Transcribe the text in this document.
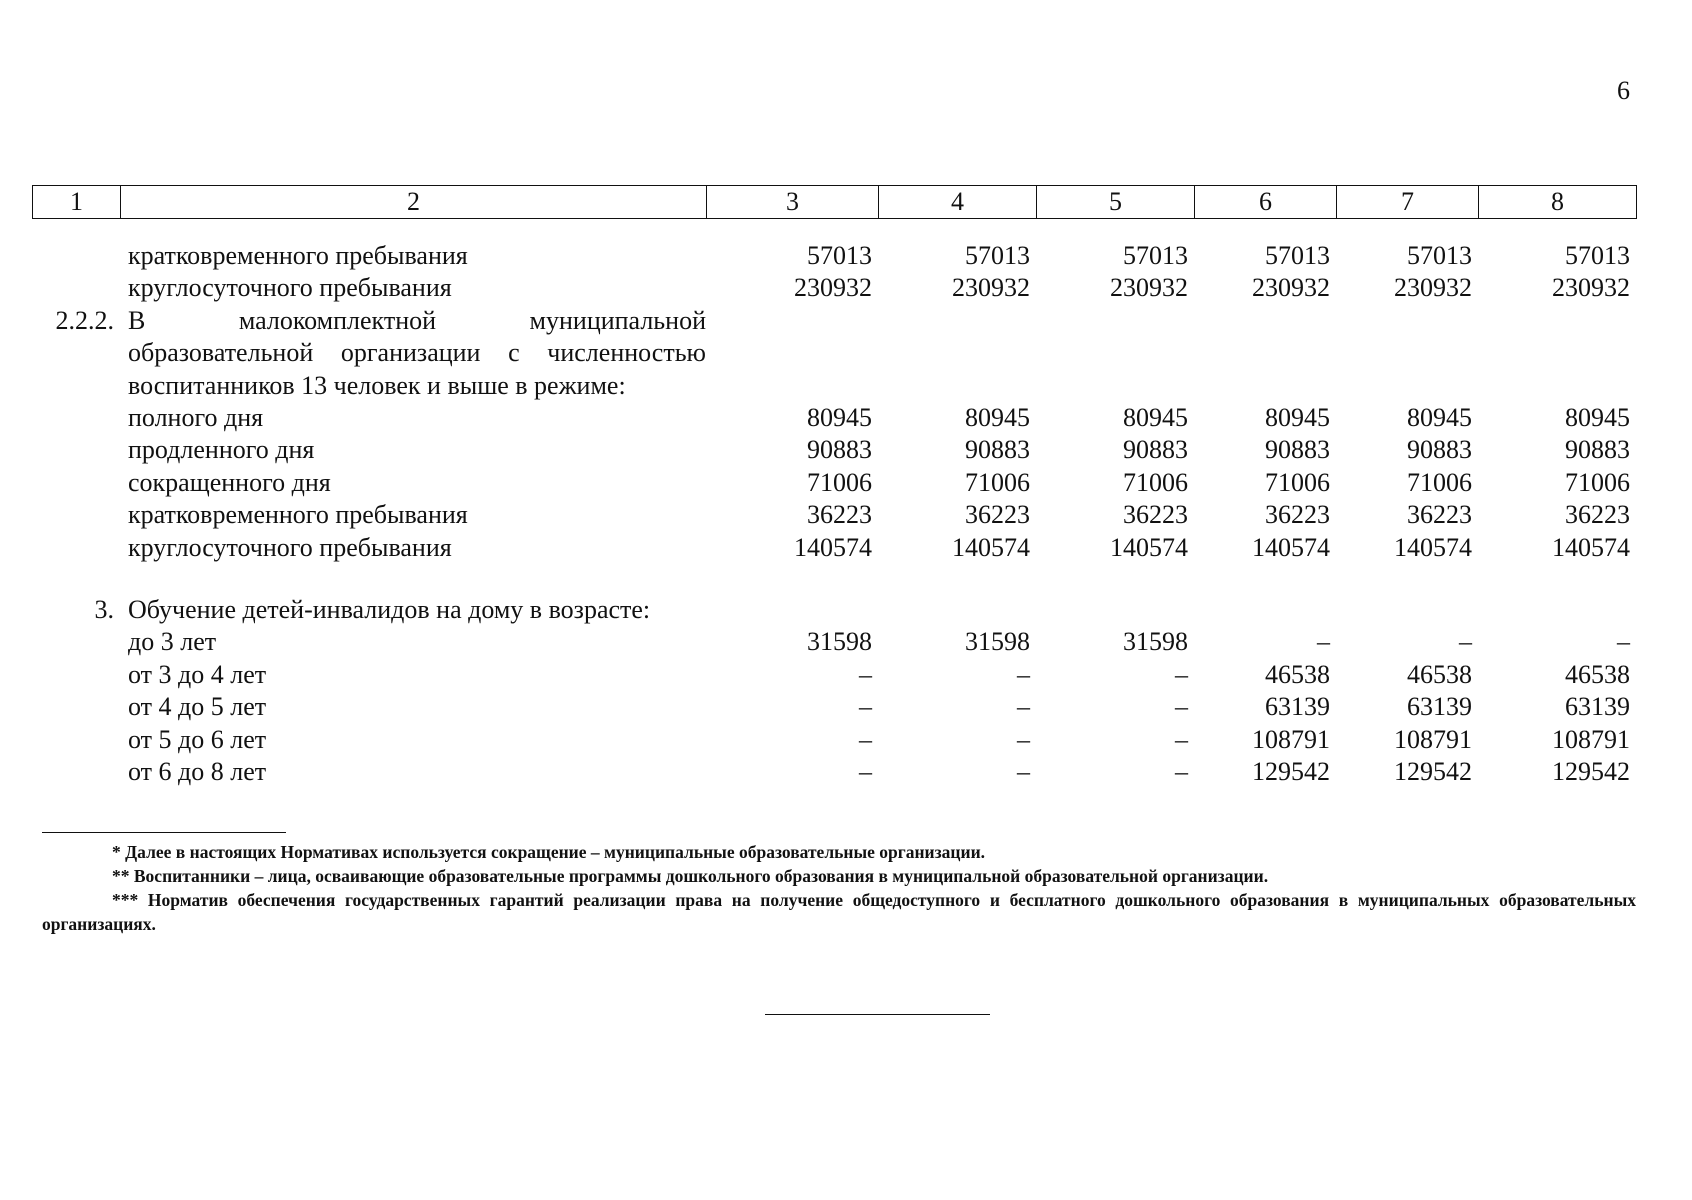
6
1	2	3	4	5	6	7	8
	кратковременного пребывания	57013	57013	57013	57013	57013	57013
	круглосуточного пребывания	230932	230932	230932	230932	230932	230932
2.2.2.	В малокомплектной муниципальной						
	образовательной организации с численностью						
	воспитанников 13 человек и выше в режиме:						
	полного дня	80945	80945	80945	80945	80945	80945
	продленного дня	90883	90883	90883	90883	90883	90883
	сокращенного дня	71006	71006	71006	71006	71006	71006
	кратковременного пребывания	36223	36223	36223	36223	36223	36223
	круглосуточного пребывания	140574	140574	140574	140574	140574	140574

3.	Обучение детей-инвалидов на дому в возрасте:						
	до 3 лет	31598	31598	31598	–	–	–
	от 3 до 4 лет	–	–	–	46538	46538	46538
	от 4 до 5 лет	–	–	–	63139	63139	63139
	от 5 до 6 лет	–	–	–	108791	108791	108791
	от 6 до 8 лет	–	–	–	129542	129542	129542

* Далее в настоящих Нормативах используется сокращение – муниципальные образовательные организации.

** Воспитанники – лица, осваивающие образовательные программы дошкольного образования в муниципальной образовательной организации.

*** Норматив обеспечения государственных гарантий реализации права на получение общедоступного и бесплатного дошкольного образования в муниципальных образовательных организациях.
